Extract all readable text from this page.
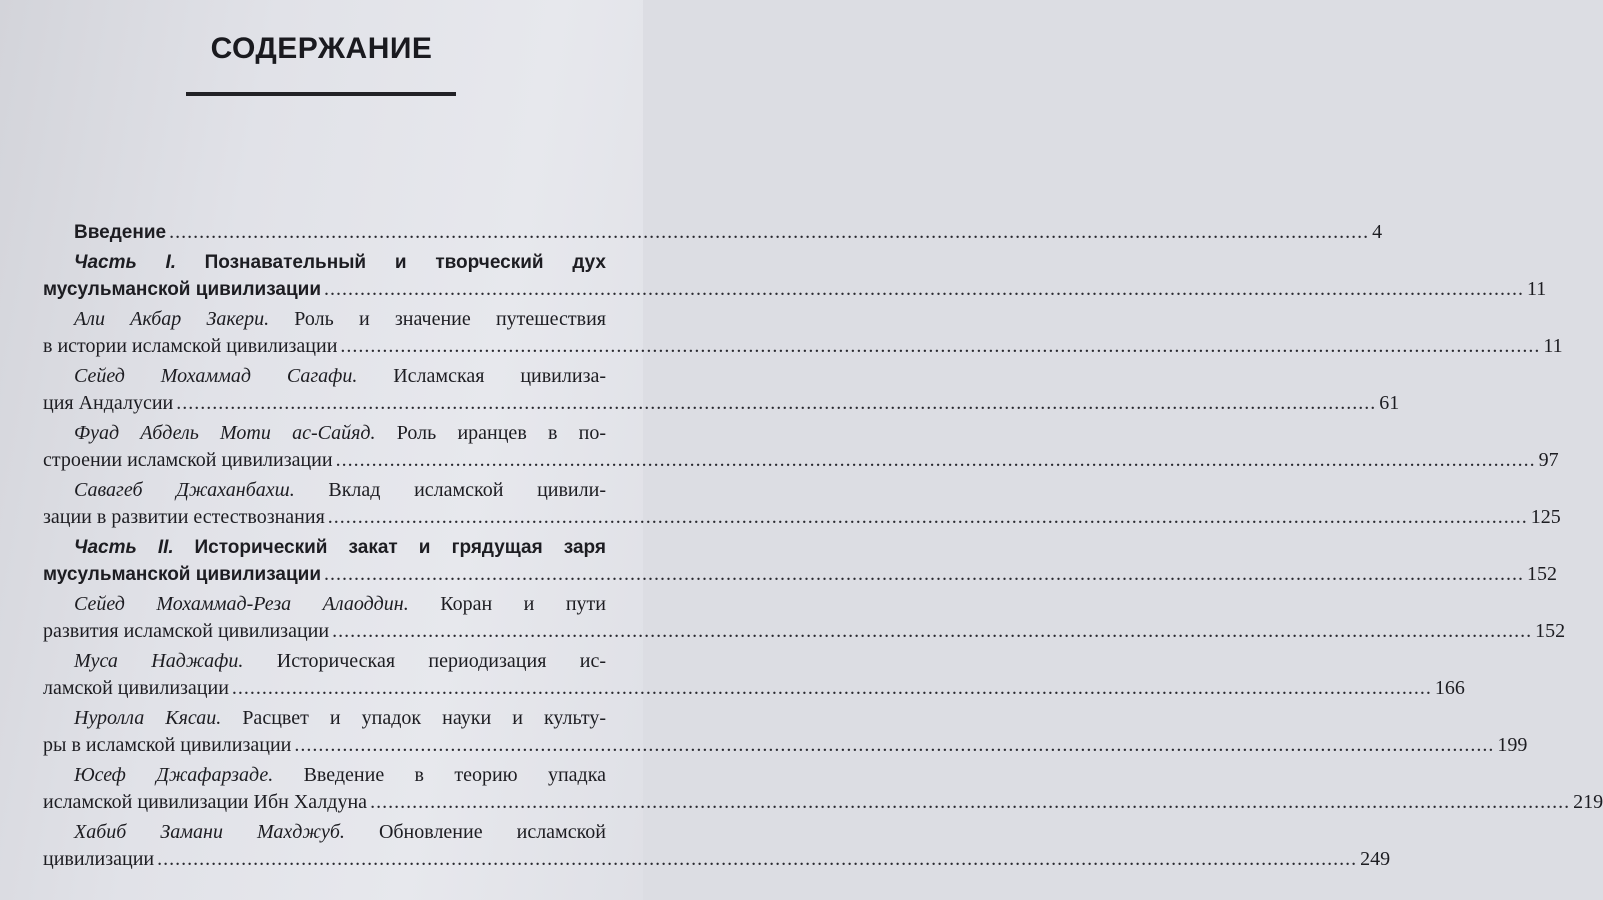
СОДЕРЖАНИЕ
Введение ........................................................................................................................................................................................................ 4
Часть I. Познавательный и творческий дух
мусульманской цивилизации ........................................................................................................................................................................................................ 11
Али Акбар Закери. Роль и значение путешествия
в истории исламской цивилизации ........................................................................................................................................................................................................ 11
Сейед Мохаммад Сагафи. Исламская цивилиза-
ция Андалусии ........................................................................................................................................................................................................ 61
Фуад Абдель Моти ас-Сайяд. Роль иранцев в по-
строении исламской цивилизации ........................................................................................................................................................................................................ 97
Савагеб Джаханбахш. Вклад исламской цивили-
зации в развитии естествознания ........................................................................................................................................................................................................ 125
Часть II. Исторический закат и грядущая заря
мусульманской цивилизации ........................................................................................................................................................................................................ 152
Сейед Мохаммад-Реза Алаоддин. Коран и пути
развития исламской цивилизации ........................................................................................................................................................................................................ 152
Муса Наджафи. Историческая периодизация ис-
ламской цивилизации ........................................................................................................................................................................................................ 166
Нуролла Кясаи. Расцвет и упадок науки и культу-
ры в исламской цивилизации ........................................................................................................................................................................................................ 199
Юсеф Джафарзаде. Введение в теорию упадка
исламской цивилизации Ибн Халдуна ........................................................................................................................................................................................................ 219
Хабиб Замани Махджуб. Обновление исламской
цивилизации ........................................................................................................................................................................................................ 249
